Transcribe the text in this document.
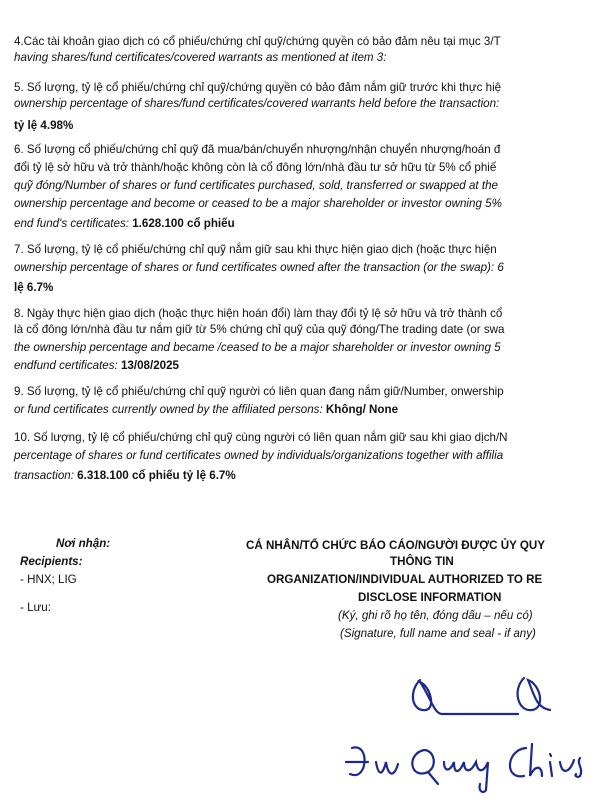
4.Các tài khoản giao dịch có cổ phiếu/chứng chỉ quỹ/chứng quyền có bảo đảm nêu tại mục 3/T
having shares/fund certificates/covered warrants as mentioned at item 3:
5. Số lượng, tỷ lệ cổ phiếu/chứng chỉ quỹ/chứng quyền có bảo đảm nắm giữ trước khi thực hiệ
ownership percentage of shares/fund certificates/covered warrants held before the transaction:
tỷ lệ 4.98%
6. Số lượng cổ phiếu/chứng chỉ quỹ đã mua/bán/chuyển nhượng/nhận chuyển nhượng/hoán đ
đổi tỷ lệ sở hữu và trở thành/hoặc không còn là cổ đông lớn/nhà đầu tư sở hữu từ 5% cổ phiế
quỹ đóng/Number of shares or fund certificates purchased, sold, transferred or swapped at the
ownership percentage and become or ceased to be a major shareholder or investor owning 5%
end fund's certificates: 1.628.100 cổ phiếu
7. Số lượng, tỷ lệ cổ phiếu/chứng chỉ quỹ nắm giữ sau khi thực hiện giao dịch (hoặc thực hiện
ownership percentage of shares or fund certificates owned after the transaction (or the swap): 6
lệ 6.7%
8. Ngày thực hiện giao dịch (hoặc thực hiện hoán đổi) làm thay đổi tỷ lệ sở hữu và trở thành cổ
là cổ đông lớn/nhà đầu tư nắm giữ từ 5% chứng chỉ quỹ của quỹ đóng/The trading date (or swa
the ownership percentage and became /ceased to be a major shareholder or investor owning 5
endfund certificates: 13/08/2025
9. Số lượng, tỷ lệ cổ phiếu/chứng chỉ quỹ người có liên quan đang nắm giữ/Number, onwership
or fund certificates currently owned by the affiliated persons: Không/ None
10. Số lượng, tỷ lệ cổ phiếu/chứng chỉ quỹ cùng người có liên quan nắm giữ sau khi giao dịch/N
percentage of shares or fund certificates owned by individuals/organizations together with affilia
transaction: 6.318.100 cổ phiếu tỷ lệ 6.7%
Nơi nhận:
Recipients:
- HNX; LIG
- Lưu:
CÁ NHÂN/TỔ CHỨC BÁO CÁO/NGƯỜI ĐƯỢC ỦY QUY
THÔNG TIN
ORGANIZATION/INDIVIDUAL AUTHORIZED TO RE
DISCLOSE INFORMATION
(Ký, ghi rõ họ tên, đóng dấu – nếu có)
(Signature, full name and seal - if any)
